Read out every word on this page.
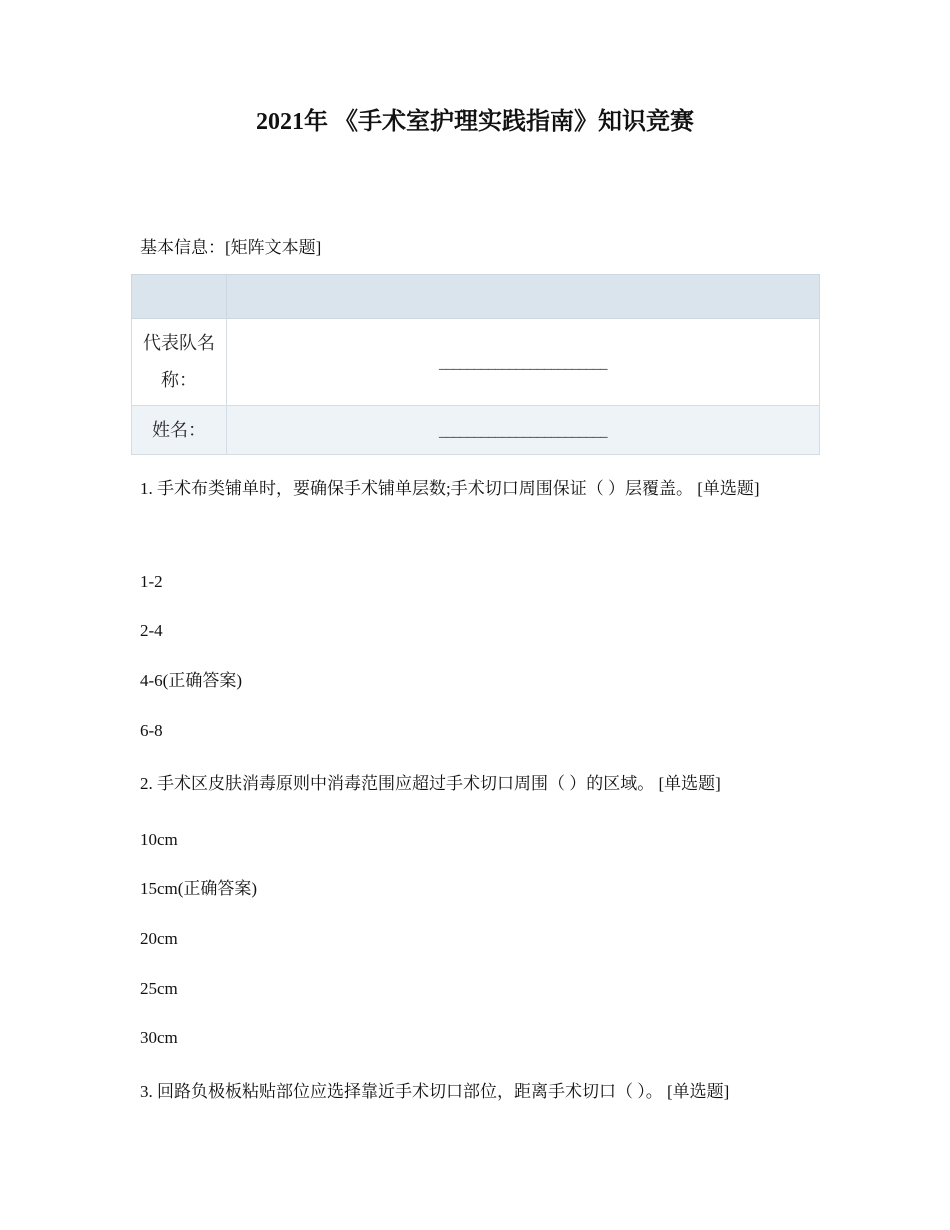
2021年 《手术室护理实践指南》知识竞赛
基本信息：[矩阵文本题]

代表队名称：	________________________
姓名：	________________________
1. 手术布类铺单时，要确保手术铺单层数;手术切口周围保证（ ）层覆盖。 [单选题]
1-2
2-4
4-6(正确答案)
6-8
2. 手术区皮肤消毒原则中消毒范围应超过手术切口周围（ ）的区域。 [单选题]
10cm
15cm(正确答案)
20cm
25cm
30cm
3. 回路负极板粘贴部位应选择靠近手术切口部位，距离手术切口（ ）。 [单选题]
